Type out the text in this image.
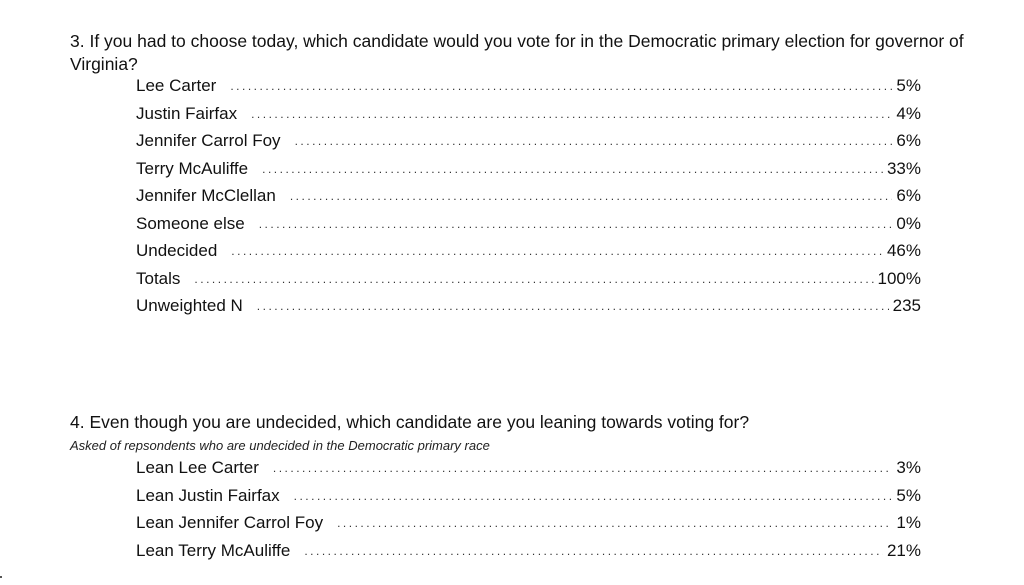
3. If you had to choose today, which candidate would you vote for in the Democratic primary election for governor of Virginia?

Lee Carter .....	5%
Justin Fairfax .....	4%
Jennifer Carrol Foy .....	6%
Terry McAuliffe .....	33%
Jennifer McClellan .....	6%
Someone else .....	0%
Undecided .....	46%
Totals .....	100%
Unweighted N .....	235

4. Even though you are undecided, which candidate are you leaning towards voting for?

Asked of repsondents who are undecided in the Democratic primary race
Lean Lee Carter .....	3%
Lean Justin Fairfax .....	5%
Lean Jennifer Carrol Foy .....	1%
Lean Terry McAuliffe .....	21%
